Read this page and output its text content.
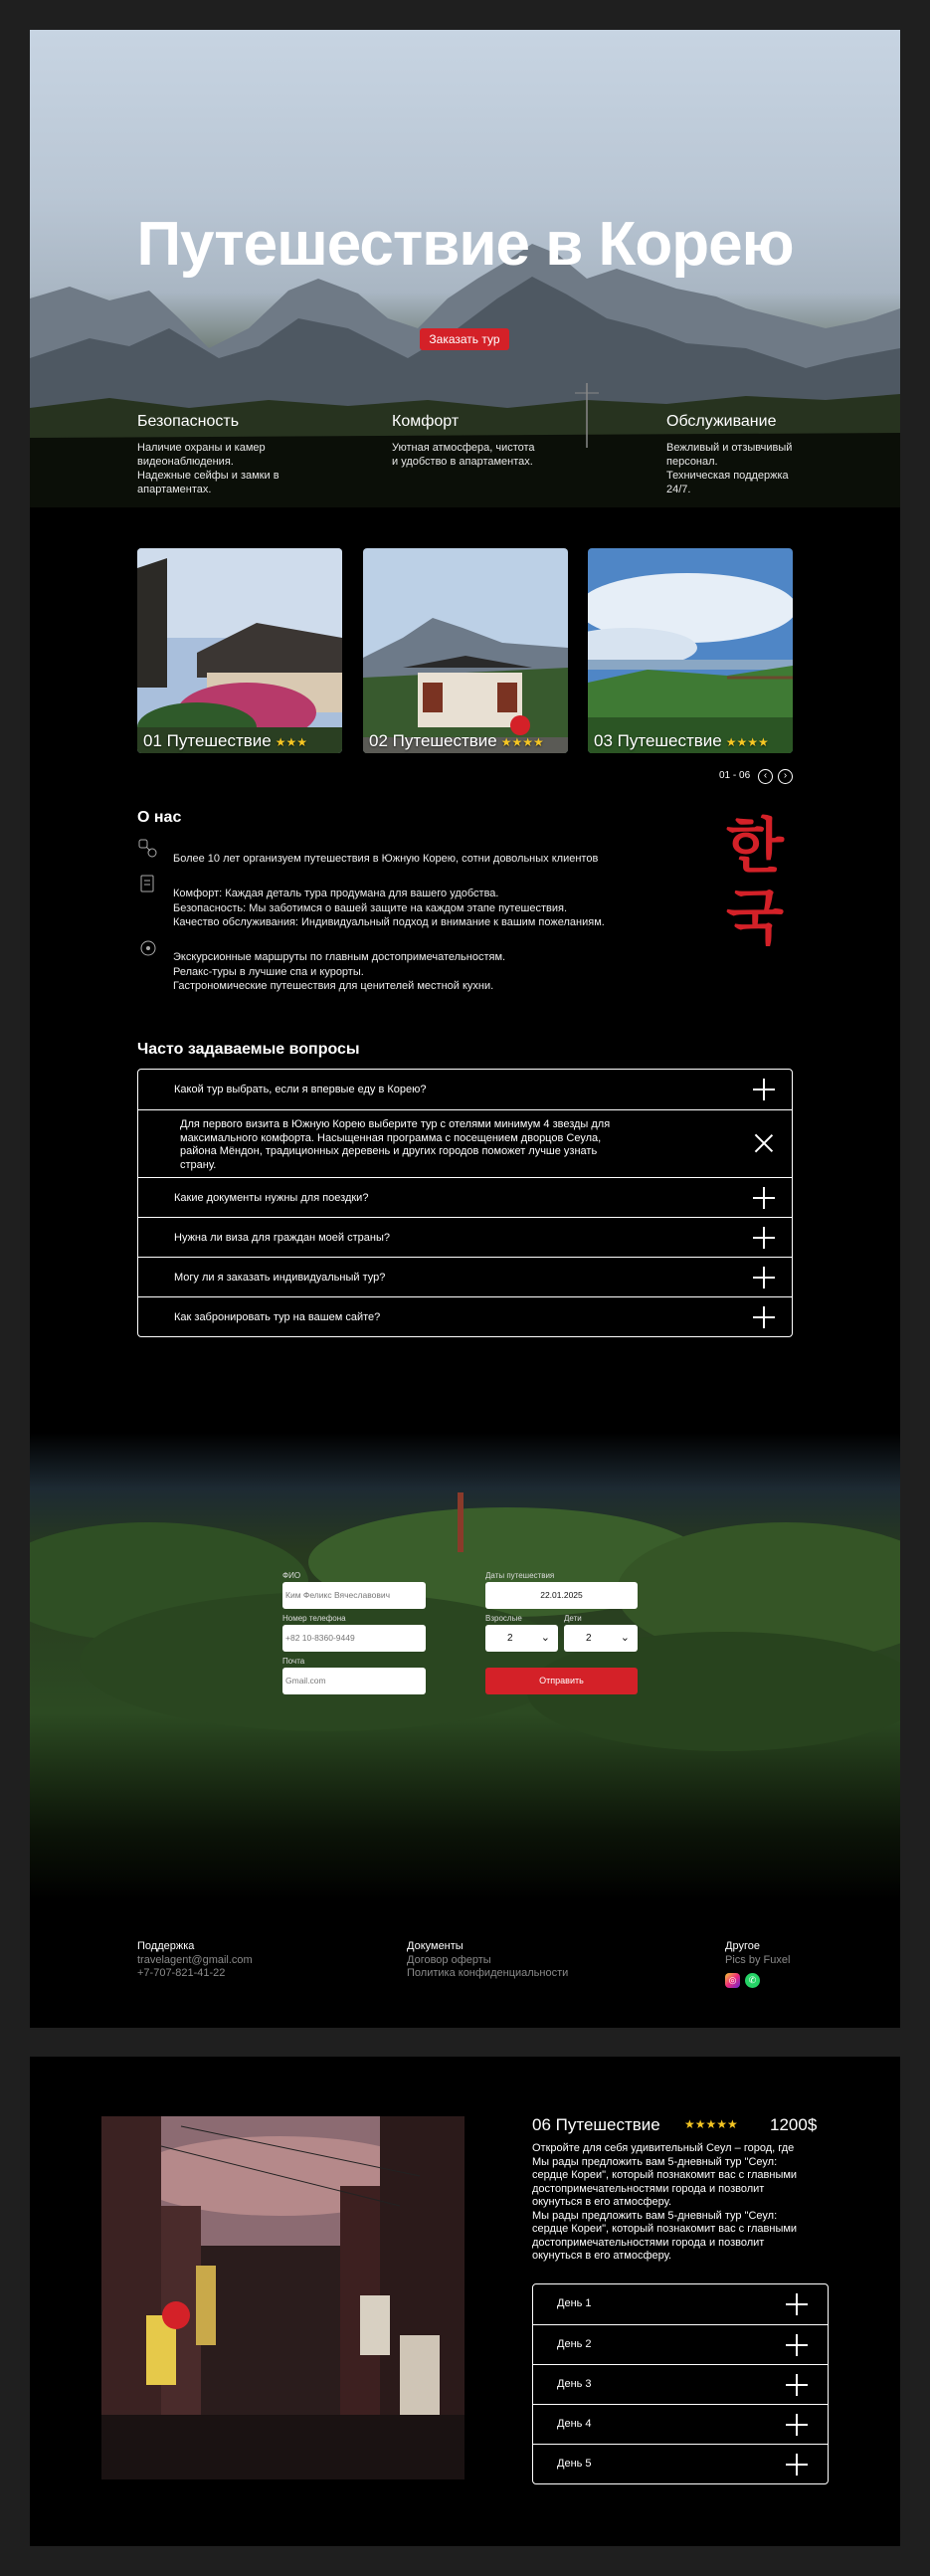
Путешествие в Корею
Заказать тур
Безопасность

Наличие охраны и камер
видеонаблюдения.
Надежные сейфы и замки в
апартаментах.

Комфорт

Уютная атмосфера, чистота
и удобство в апартаментах.

Обслуживание

Вежливый и отзывчивый
персонал.
Техническая поддержка
24/7.

01 Путешествие ★★★	02 Путешествие ★★★★	03 Путешествие ★★★★
01 - 06	‹	›
О нас
Более 10 лет организуем путешествия в Южную Корею, сотни довольных клиентов
Комфорт: Каждая деталь тура продумана для вашего удобства.
Безопасность: Мы заботимся о вашей защите на каждом этапе путешествия.
Качество обслуживания: Индивидуальный подход и внимание к вашим пожеланиям.
Экскурсионные маршруты по главным достопримечательностям.
Релакс-туры в лучшие спа и курорты.
Гастрономические путешествия для ценителей местной кухни.
한
국
Часто задаваемые вопросы
Какой тур выбрать, если я впервые еду в Корею?
Для первого визита в Южную Корею выберите тур с отелями минимум 4 звезды для
максимального комфорта. Насыщенная программа с посещением дворцов Сеула,
района Мёндон, традиционных деревень и других городов поможет лучше узнать
страну.
Какие документы нужны для поездки?
Нужна ли виза для граждан моей страны?
Могу ли я заказать индивидуальный тур?
Как забронировать тур на вашем сайте?
ФИО
Ким Феликс Вячеславович
Даты путешествия
22.01.2025
Номер телефона
+82 10-8360-9449
Взрослые
2	⌄
Дети
2	⌄
Почта
Gmail.com	Отправить
Поддержка
travelagent@gmail.com
+7-707-821-41-22
Документы
Договор оферты
Политика конфиденциальности
Другое
Pics by Fuxel
◎	✆
06 Путешествие ★★★★★ 1200$
Откройте для себя удивительный Сеул – город, где
Мы рады предложить вам 5-дневный тур "Сеул:
сердце Кореи", который познакомит вас с главными
достопримечательностями города и позволит
окунуться в его атмосферу.
Мы рады предложить вам 5-дневный тур "Сеул:
сердце Кореи", который познакомит вас с главными
достопримечательностями города и позволит
окунуться в его атмосферу.
День 1
День 2
День 3
День 4
День 5
